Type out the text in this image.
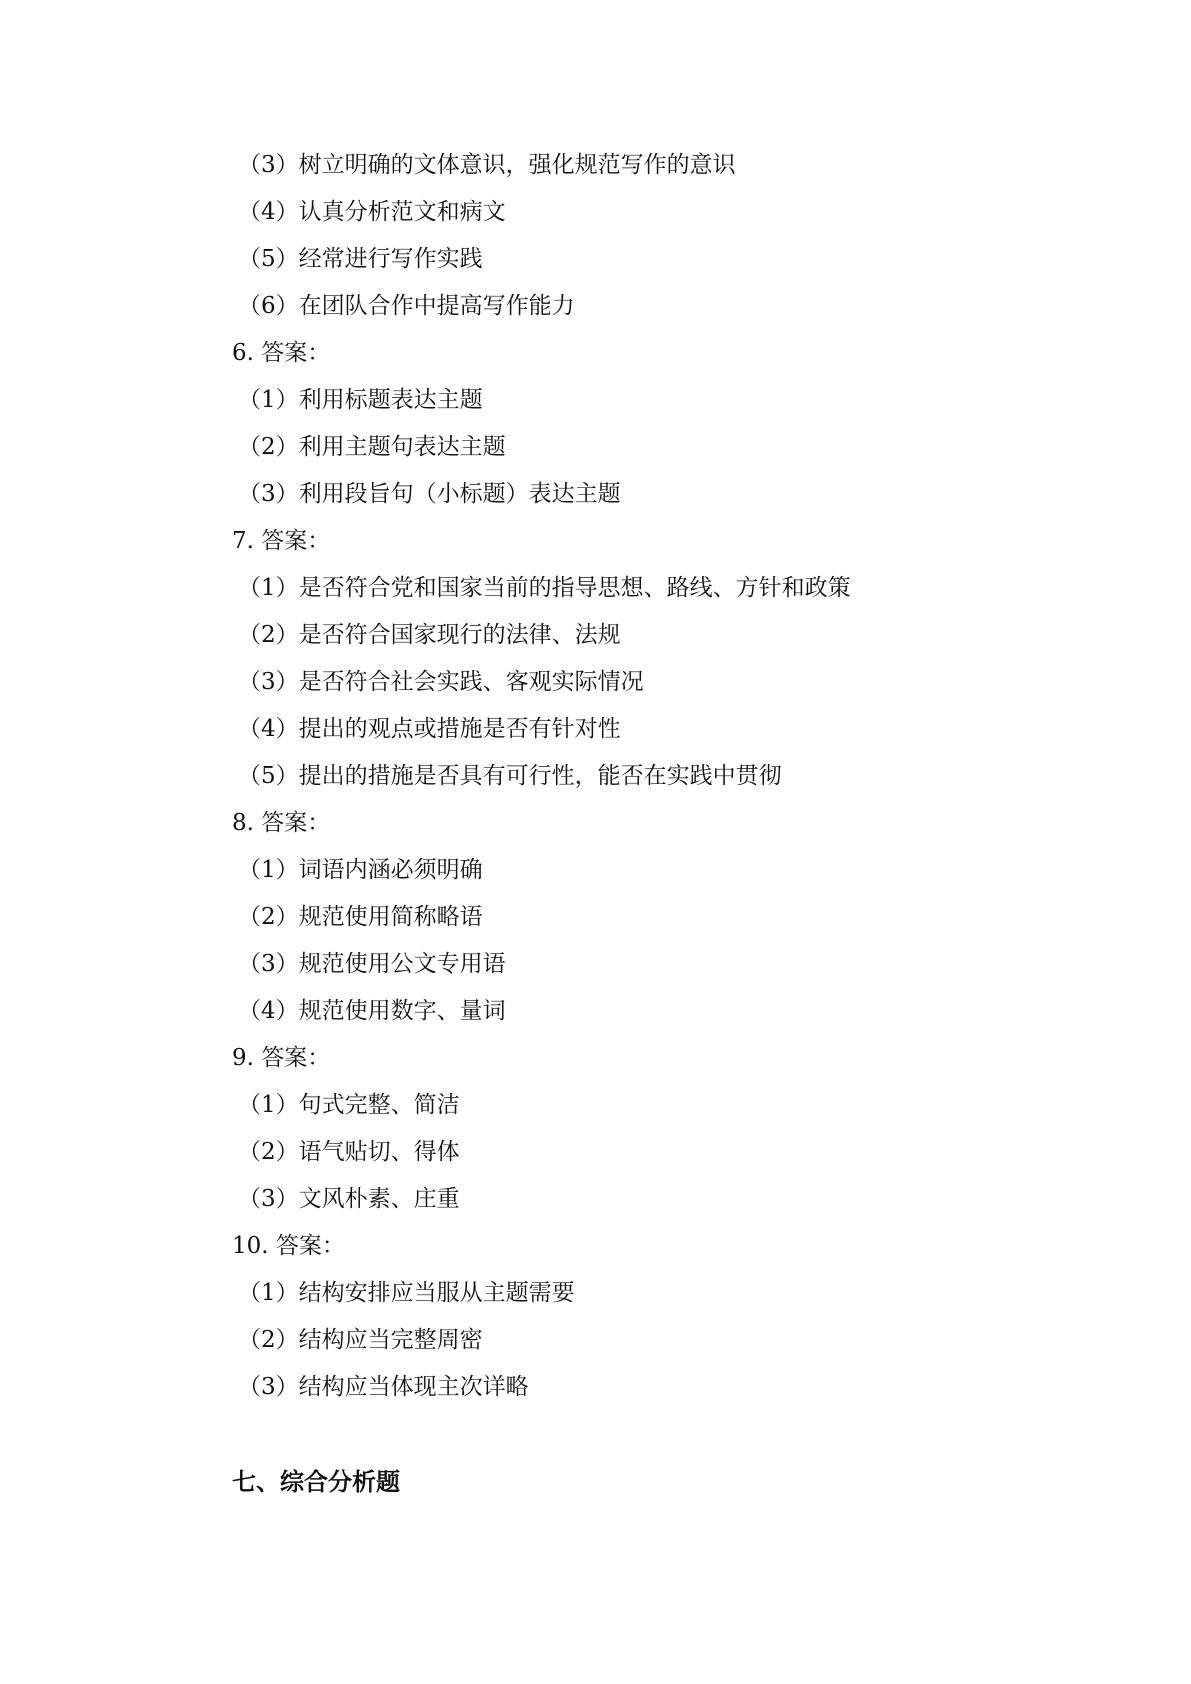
（3）树立明确的文体意识，强化规范写作的意识
（4）认真分析范文和病文
（5）经常进行写作实践
（6）在团队合作中提高写作能力
6. 答案：
（1）利用标题表达主题
（2）利用主题句表达主题
（3）利用段旨句（小标题）表达主题
7. 答案：
（1）是否符合党和国家当前的指导思想、路线、方针和政策
（2）是否符合国家现行的法律、法规
（3）是否符合社会实践、客观实际情况
（4）提出的观点或措施是否有针对性
（5）提出的措施是否具有可行性，能否在实践中贯彻
8. 答案：
（1）词语内涵必须明确
（2）规范使用简称略语
（3）规范使用公文专用语
（4）规范使用数字、量词
9. 答案：
（1）句式完整、简洁
（2）语气贴切、得体
（3）文风朴素、庄重
10. 答案：
（1）结构安排应当服从主题需要
（2）结构应当完整周密
（3）结构应当体现主次详略
七、综合分析题
